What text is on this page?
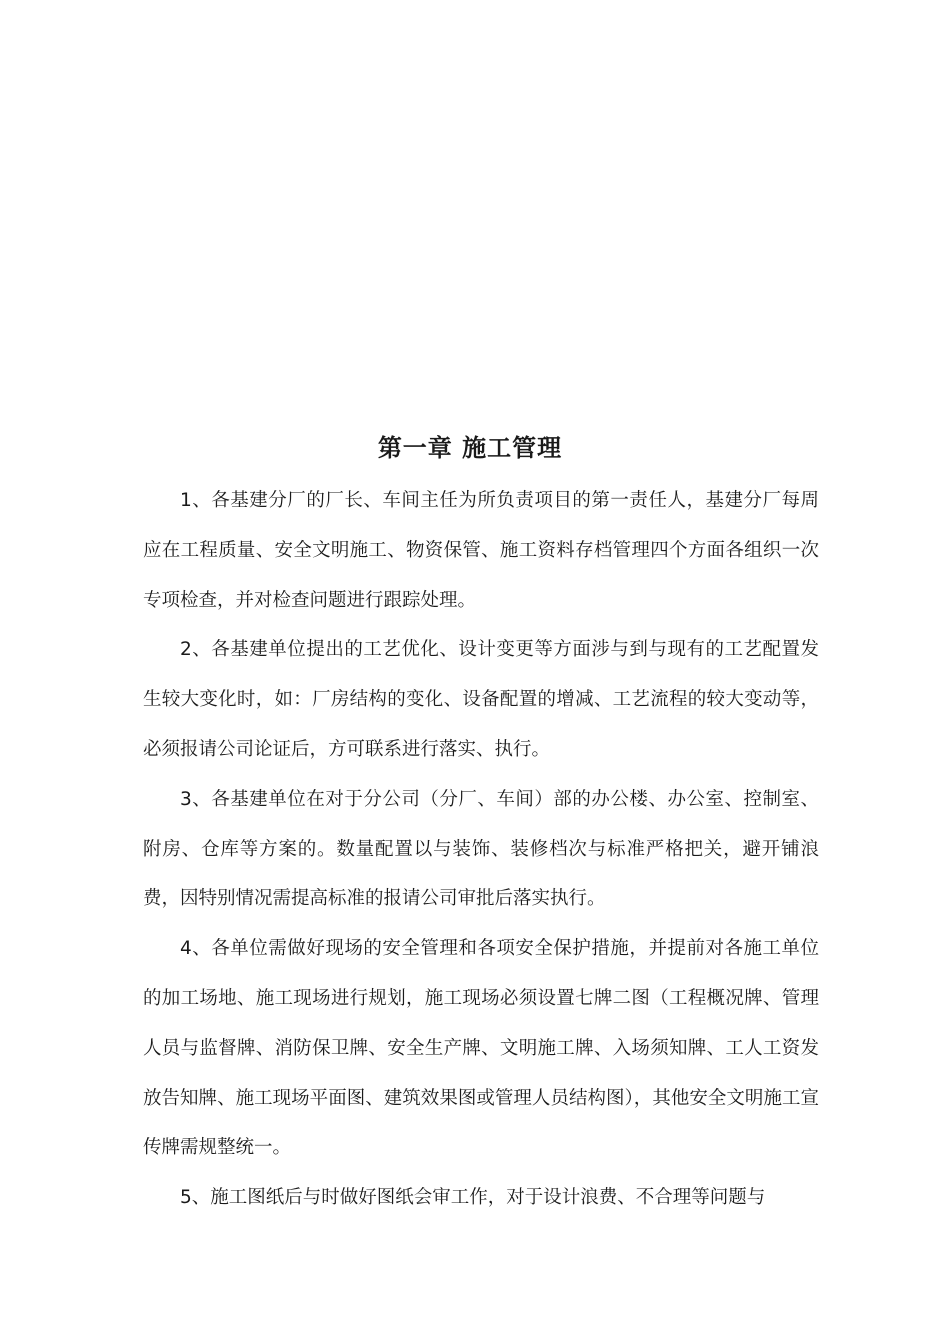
第一章 施工管理

1、各基建分厂的厂长、车间主任为所负责项目的第一责任人，基建分厂每周应在工程质量、安全文明施工、物资保管、施工资料存档管理四个方面各组织一次专项检查，并对检查问题进行跟踪处理。

2、各基建单位提出的工艺优化、设计变更等方面涉与到与现有的工艺配置发生较大变化时，如：厂房结构的变化、设备配置的增减、工艺流程的较大变动等，必须报请公司论证后，方可联系进行落实、执行。

3、各基建单位在对于分公司（分厂、车间）部的办公楼、办公室、控制室、附房、仓库等方案的。数量配置以与装饰、装修档次与标准严格把关，避开铺浪费，因特别情况需提高标准的报请公司审批后落实执行。

4、各单位需做好现场的安全管理和各项安全保护措施，并提前对各施工单位的加工场地、施工现场进行规划，施工现场必须设置七牌二图（工程概况牌、管理人员与监督牌、消防保卫牌、安全生产牌、文明施工牌、入场须知牌、工人工资发放告知牌、施工现场平面图、建筑效果图或管理人员结构图），其他安全文明施工宣传牌需规整统一。

5、施工图纸后与时做好图纸会审工作，对于设计浪费、不合理等问题与
